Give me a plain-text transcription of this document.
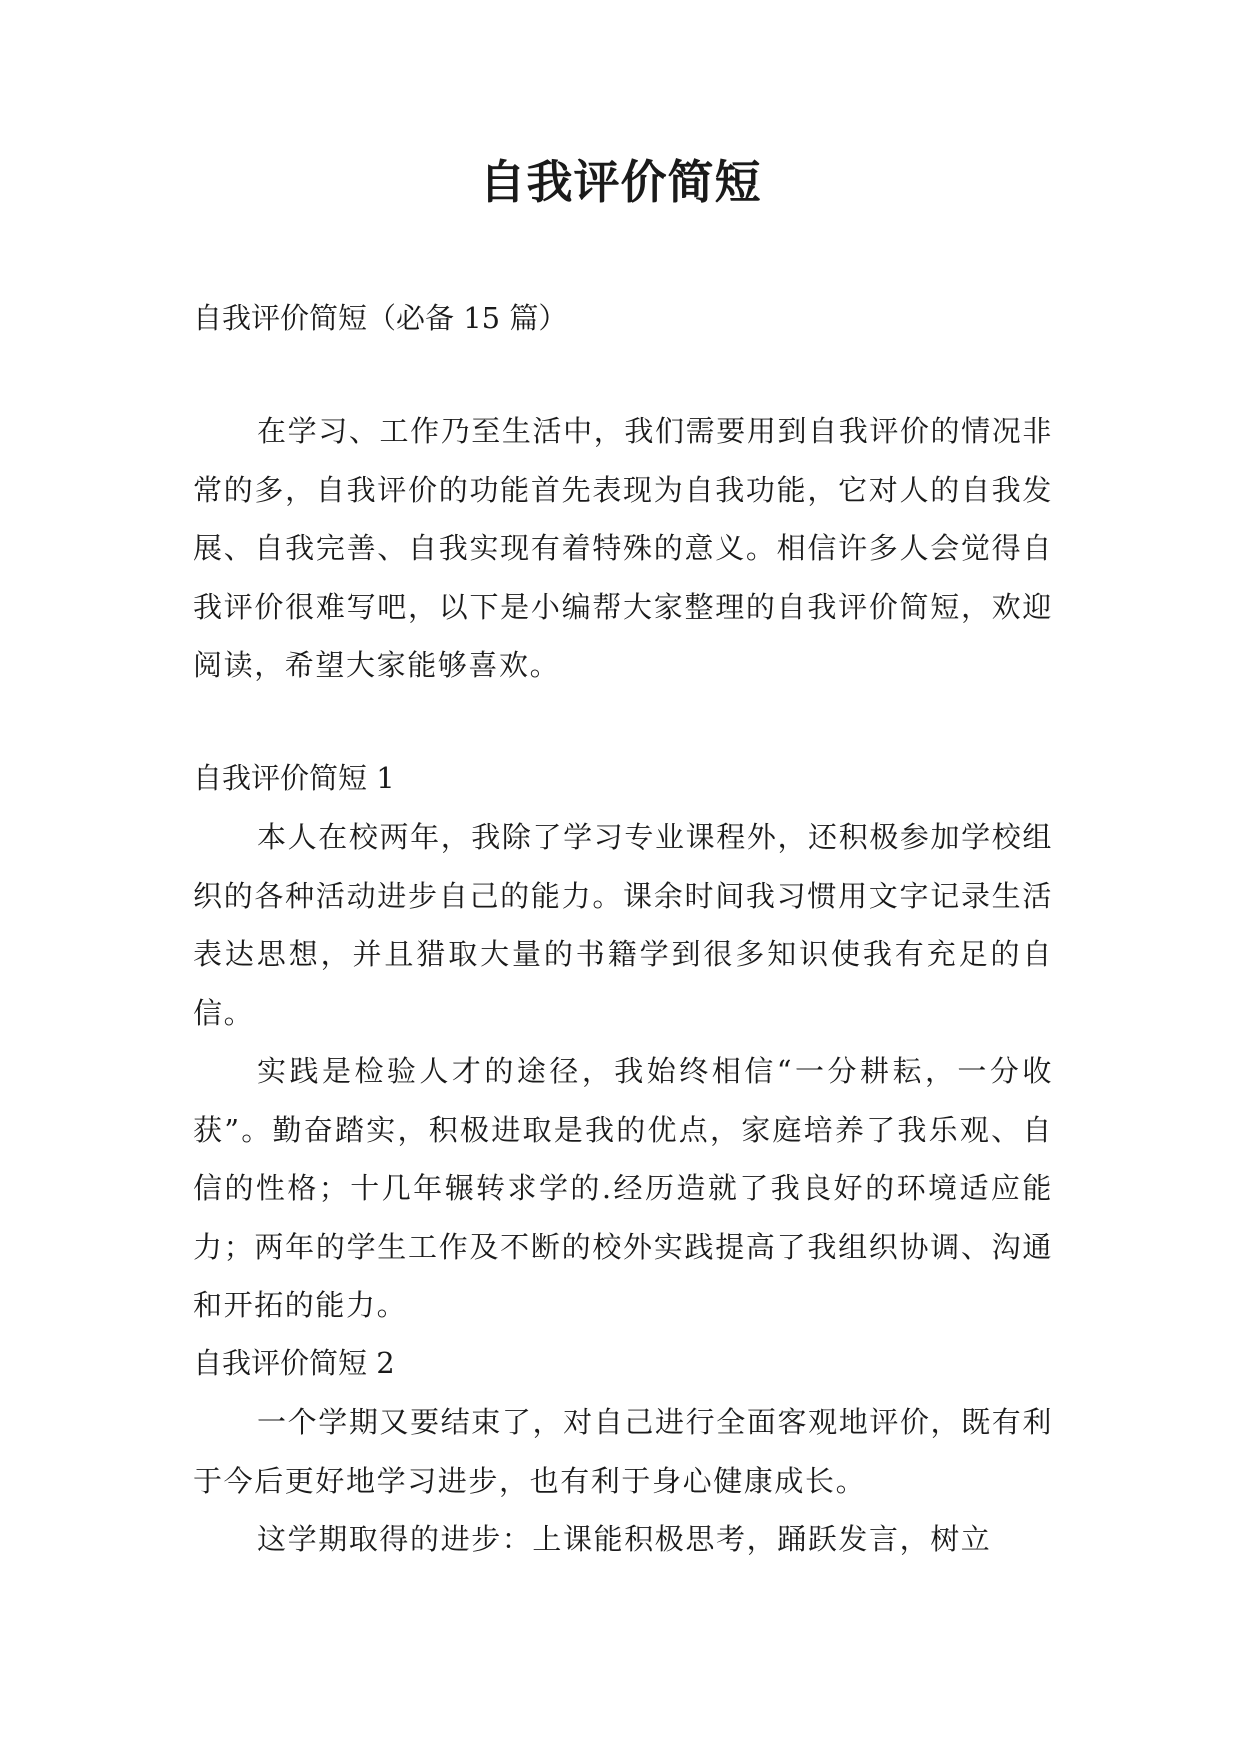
自我评价简短
自我评价简短（必备 15 篇）

在学习、工作乃至生活中，我们需要用到自我评价的情况非常的多，自我评价的功能首先表现为自我功能，它对人的自我发展、自我完善、自我实现有着特殊的意义。相信许多人会觉得自我评价很难写吧，以下是小编帮大家整理的自我评价简短，欢迎阅读，希望大家能够喜欢。

自我评价简短 1

本人在校两年，我除了学习专业课程外，还积极参加学校组织的各种活动进步自己的能力。课余时间我习惯用文字记录生活表达思想，并且猎取大量的书籍学到很多知识使我有充足的自信。

实践是检验人才的途径，我始终相信“一分耕耘，一分收获”。勤奋踏实，积极进取是我的优点，家庭培养了我乐观、自信的性格；十几年辗转求学的.经历造就了我良好的环境适应能力；两年的学生工作及不断的校外实践提高了我组织协调、沟通和开拓的能力。

自我评价简短 2

一个学期又要结束了，对自己进行全面客观地评价，既有利于今后更好地学习进步，也有利于身心健康成长。

这学期取得的进步：上课能积极思考，踊跃发言，树立
